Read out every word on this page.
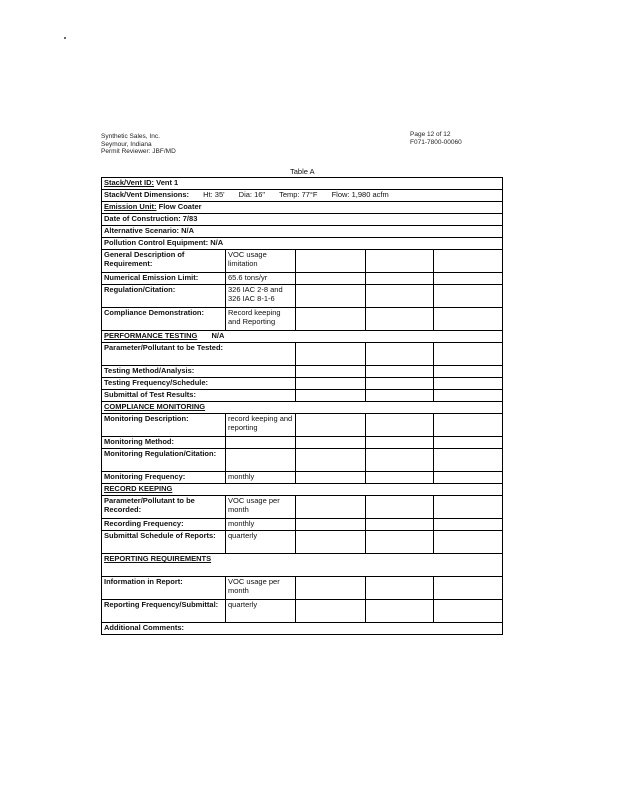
Synthetic Sales, Inc.
Seymour, Indiana
Permit Reviewer: JBF/MD
Page 12 of 12
F071-7800-00060
Table A
Stack/Vent ID: Vent 1				
Stack/Vent Dimensions: Ht: 35' Dia: 16" Temp: 77°F Flow: 1,980 acfm				
Emission Unit: Flow Coater				
Date of Construction: 7/83				
Alternative Scenario: N/A				
Pollution Control Equipment: N/A				
General Description of Requirement:	VOC usage limitation			
Numerical Emission Limit:	65.6 tons/yr			
Regulation/Citation:	326 IAC 2-8 and 326 IAC 8-1-6			
Compliance Demonstration:	Record keeping and Reporting			
PERFORMANCE TESTING N/A				
Parameter/Pollutant to be Tested:				
Testing Method/Analysis:				
Testing Frequency/Schedule:				
Submittal of Test Results:				
COMPLIANCE MONITORING				
Monitoring Description:	record keeping and reporting			
Monitoring Method:				
Monitoring Regulation/Citation:				
Monitoring Frequency:	monthly			
RECORD KEEPING				
Parameter/Pollutant to be Recorded:	VOC usage per month			
Recording Frequency:	monthly			
Submittal Schedule of Reports:	quarterly			
REPORTING REQUIREMENTS				
Information in Report:	VOC usage per month			
Reporting Frequency/Submittal:	quarterly			
Additional Comments:				
